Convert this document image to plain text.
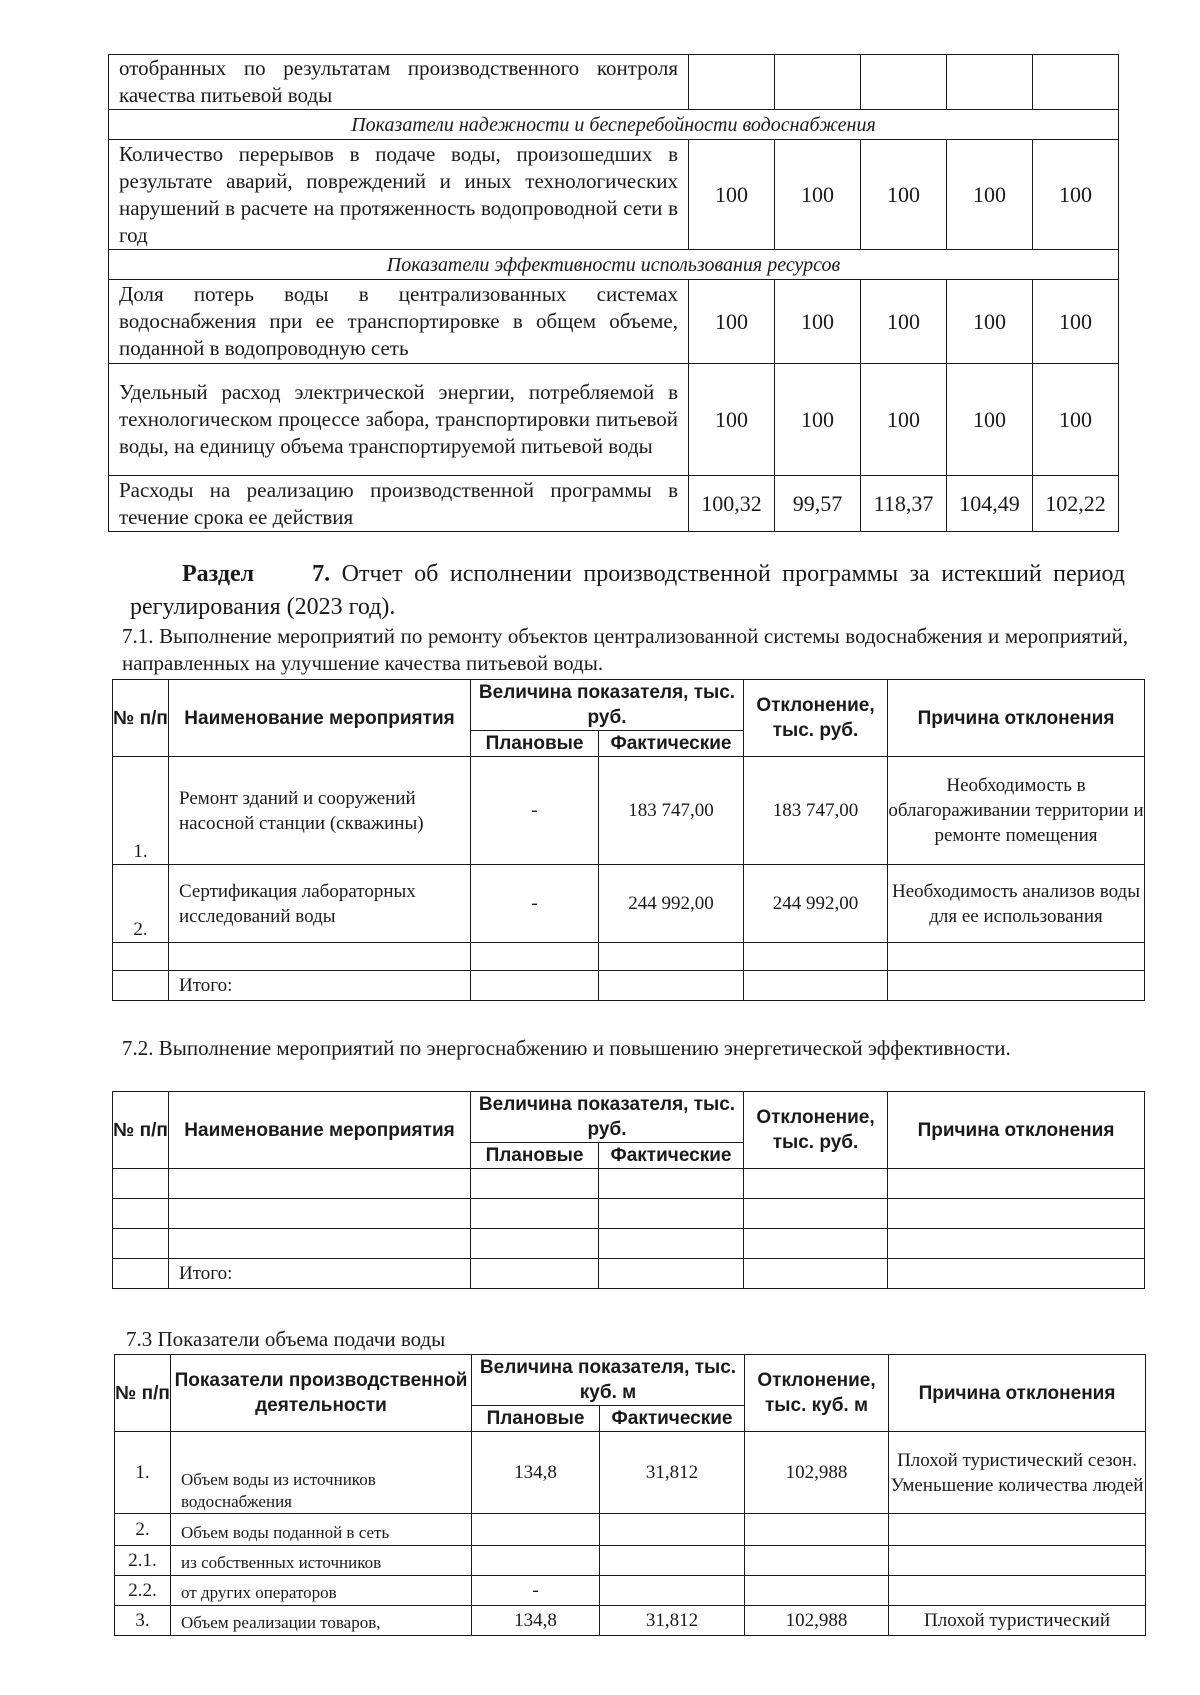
отобранных по результатам производственного контроля качества питьевой воды					
Показатели надежности и бесперебойности водоснабжения					
Количество перерывов в подаче воды, произошедших в результате аварий, повреждений и иных технологических нарушений в расчете на протяженность водопроводной сети в год	100	100	100	100	100
Показатели эффективности использования ресурсов					
Доля потерь воды в централизованных системах водоснабжения при ее транспортировке в общем объеме, поданной в водопроводную сеть	100	100	100	100	100
Удельный расход электрической энергии, потребляемой в технологическом процессе забора, транспортировки питьевой воды, на единицу объема транспортируемой питьевой воды	100	100	100	100	100
Расходы на реализацию производственной программы в течение срока ее действия	100,32	99,57	118,37	104,49	102,22
Раздел 7. Отчет об исполнении производственной программы за истекший период регулирования (2023 год).
7.1. Выполнение мероприятий по ремонту объектов централизованной системы водоснабжения и мероприятий, направленных на улучшение качества питьевой воды.
№ п/п	Наименование мероприятия	Величина показателя, тыс. руб.		Отклонение, тыс. руб.	Причина отклонения
		Плановые	Фактические		
1.	Ремонт зданий и сооружений насосной станции (скважины)	-	183 747,00	183 747,00	Необходимость в облагораживании территории и ремонте помещения
2.	Сертификация лабораторных исследований воды	-	244 992,00	244 992,00	Необходимость анализов воды для ее использования

	Итого:				
7.2. Выполнение мероприятий по энергоснабжению и повышению энергетической эффективности.
№ п/п	Наименование мероприятия	Величина показателя, тыс. руб.		Отклонение, тыс. руб.	Причина отклонения
		Плановые	Фактические		

	Итого:				
7.3 Показатели объема подачи воды
№ п/п	Показатели производственной деятельности	Величина показателя, тыс. куб. м		Отклонение, тыс. куб. м	Причина отклонения
		Плановые	Фактические		
1.	Объем воды из источников водоснабжения	134,8	31,812	102,988	Плохой туристический сезон. Уменьшение количества людей
2.	Объем воды поданной в сеть				
2.1.	из собственных источников				
2.2.	от других операторов	-			
3.	Объем реализации товаров,	134,8	31,812	102,988	Плохой туристический
